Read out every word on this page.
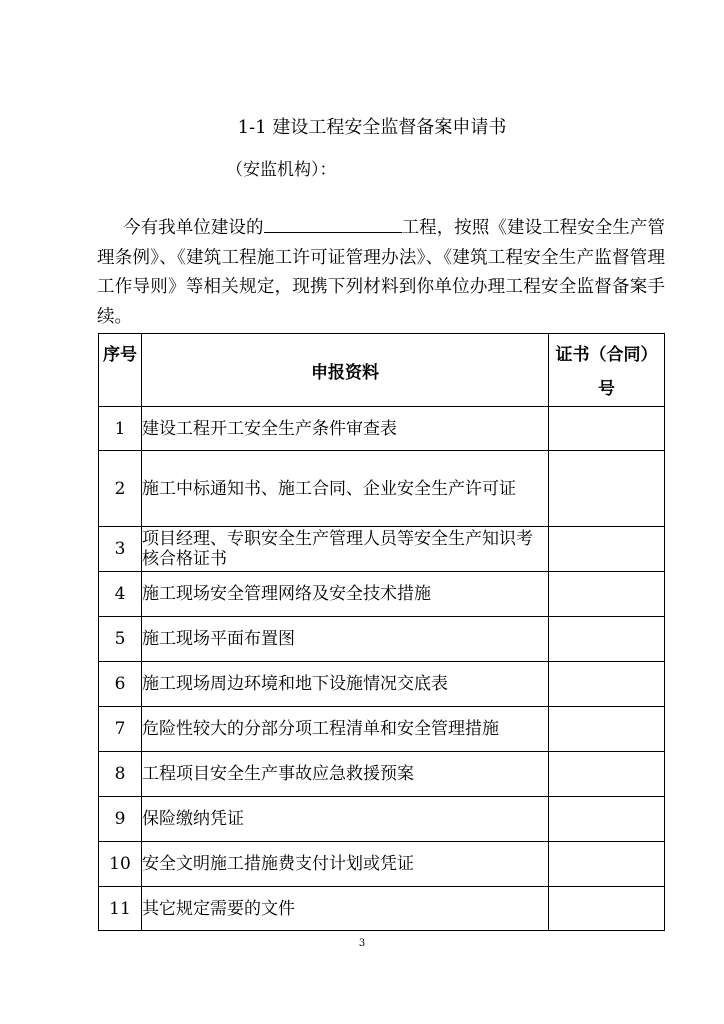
1-1 建设工程安全监督备案申请书
（安监机构）：
今有我单位建设的	工程，按照《建设工程安全生产管理条例》、《建筑工程施工许可证管理办法》、《建筑工程安全生产监督管理工作导则》等相关规定，现携下列材料到你单位办理工程安全监督备案手续。
序号	申报资料	证书（合同）号

1	建设工程开工安全生产条件审查表	
2	施工中标通知书、施工合同、企业安全生产许可证	
3	项目经理、专职安全生产管理人员等安全生产知识考核合格证书	
4	施工现场安全管理网络及安全技术措施	
5	施工现场平面布置图	
6	施工现场周边环境和地下设施情况交底表	
7	危险性较大的分部分项工程清单和安全管理措施	
8	工程项目安全生产事故应急救援预案	
9	保险缴纳凭证	
10	安全文明施工措施费支付计划或凭证	
11	其它规定需要的文件	
3
